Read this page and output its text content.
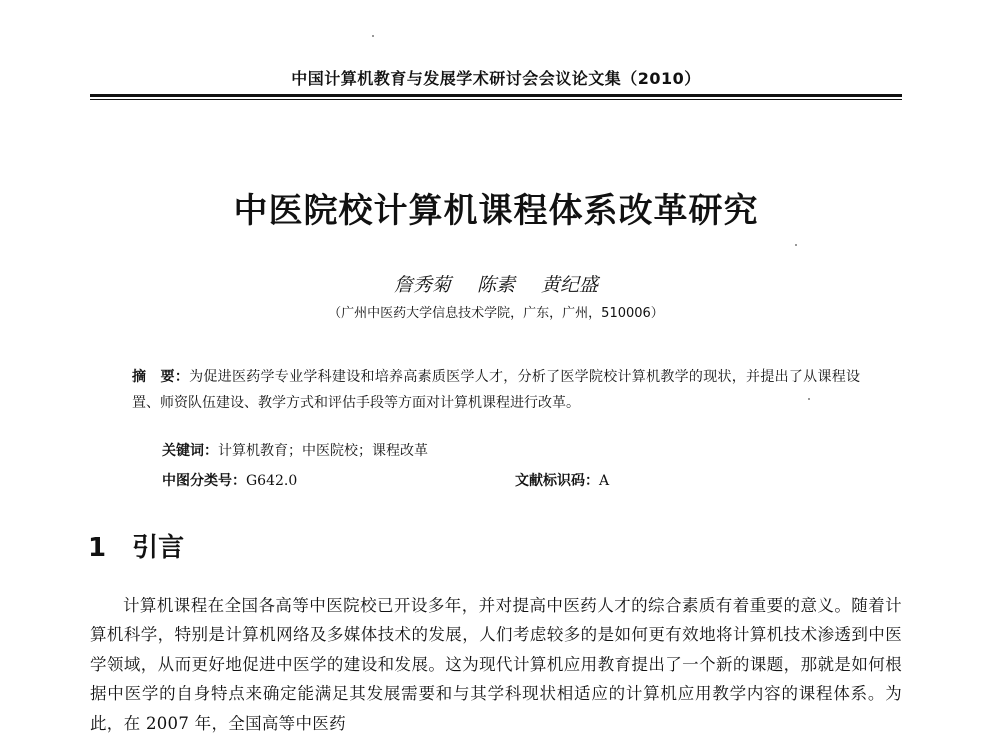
中国计算机教育与发展学术研讨会会议论文集（2010）
中医院校计算机课程体系改革研究
詹秀菊 陈素 黄纪盛
（广州中医药大学信息技术学院，广东，广州，510006）
摘　要：为促进医药学专业学科建设和培养高素质医学人才，分析了医学院校计算机教学的现状，并提出了从课程设置、师资队伍建设、教学方式和评估手段等方面对计算机课程进行改革。
关键词：计算机教育；中医院校；课程改革
中图分类号：G642.0	文献标识码：A
1 引言
计算机课程在全国各高等中医院校已开设多年，并对提高中医药人才的综合素质有着重要的意义。随着计算机科学，特别是计算机网络及多媒体技术的发展，人们考虑较多的是如何更有效地将计算机技术渗透到中医学领域，从而更好地促进中医学的建设和发展。这为现代计算机应用教育提出了一个新的课题，那就是如何根据中医学的自身特点来确定能满足其发展需要和与其学科现状相适应的计算机应用教学内容的课程体系。为此，在 2007 年，全国高等中医药
